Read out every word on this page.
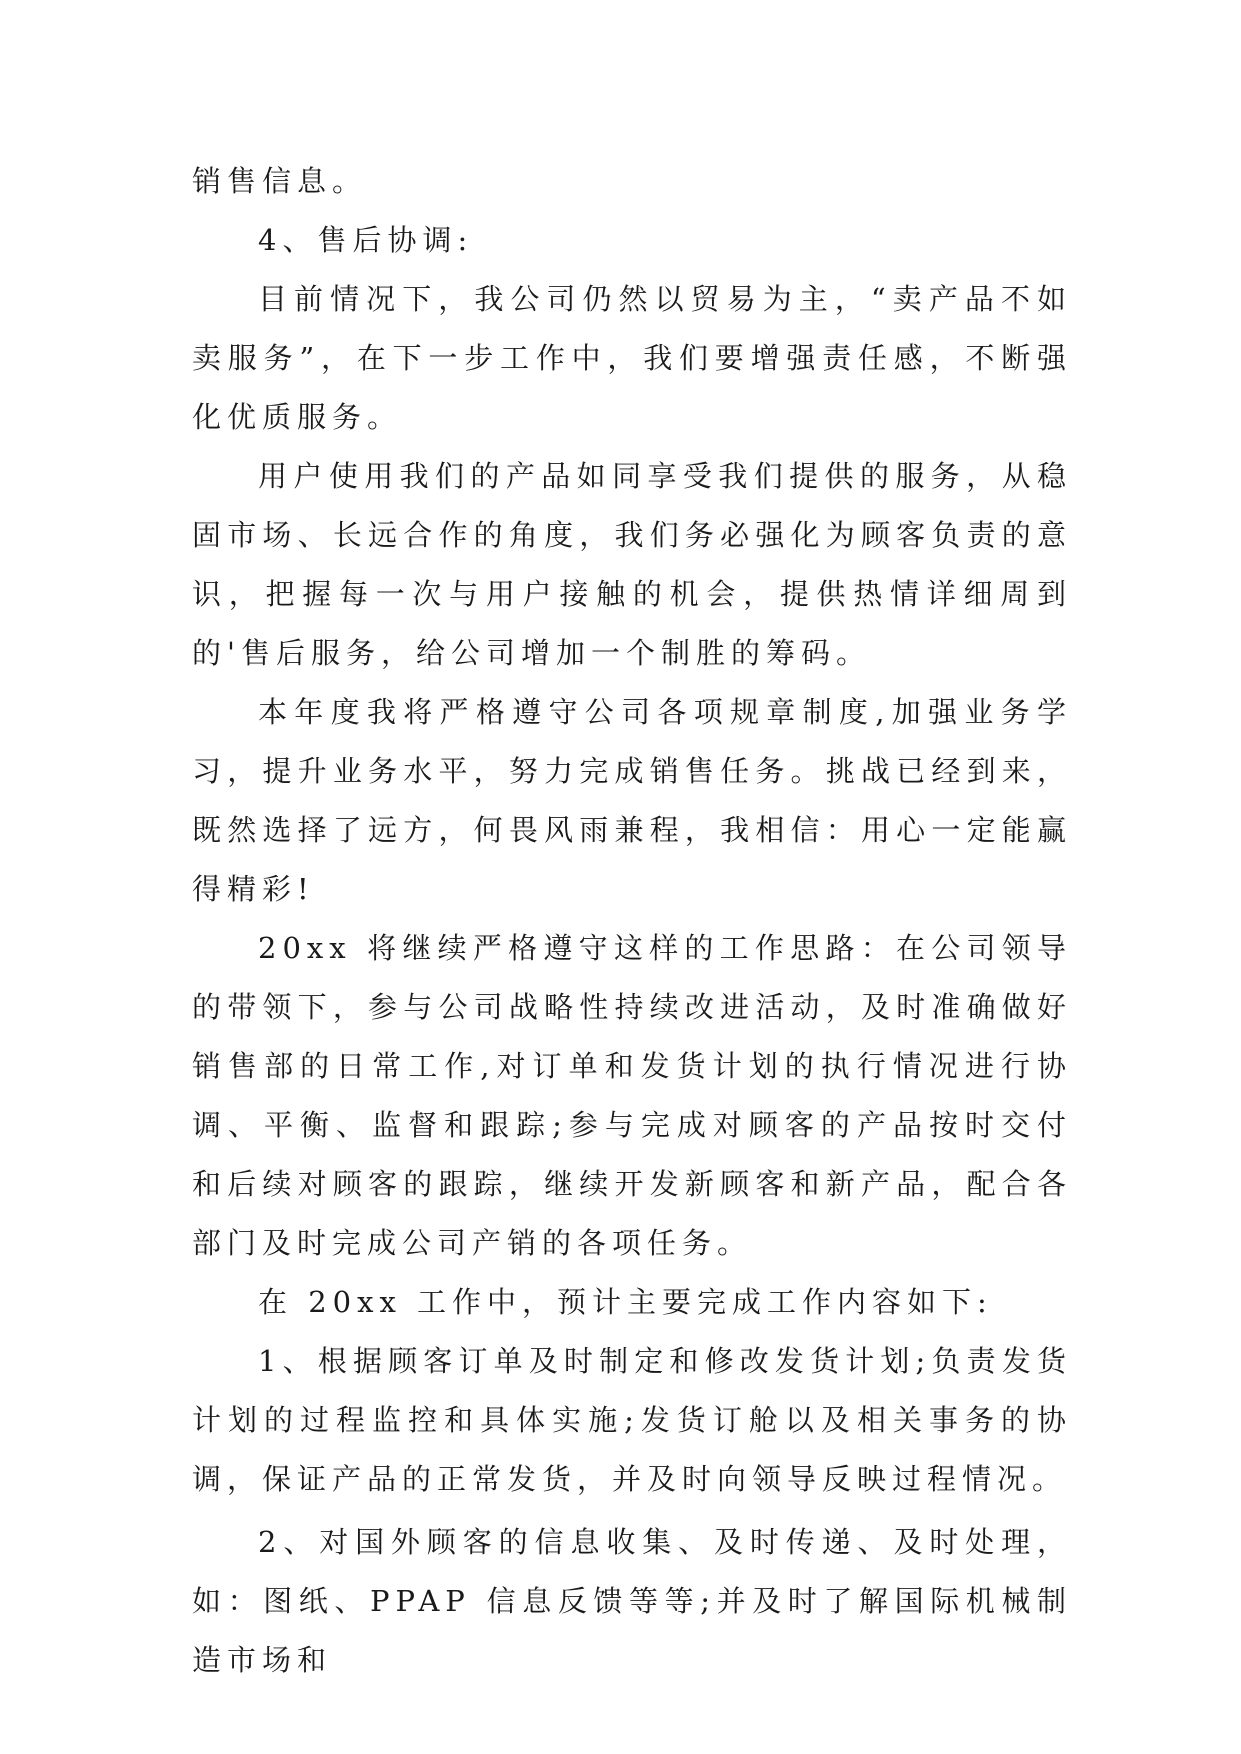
销售信息。

4、售后协调:

目前情况下，我公司仍然以贸易为主，“卖产品不如卖服务”，在下一步工作中，我们要增强责任感，不断强化优质服务。

用户使用我们的产品如同享受我们提供的服务，从稳固市场、长远合作的角度，我们务必强化为顾客负责的意识，把握每一次与用户接触的机会，提供热情详细周到的'售后服务，给公司增加一个制胜的筹码。

本年度我将严格遵守公司各项规章制度,加强业务学习，提升业务水平，努力完成销售任务。挑战已经到来，既然选择了远方，何畏风雨兼程，我相信：用心一定能赢得精彩!

20xx 将继续严格遵守这样的工作思路：在公司领导的带领下，参与公司战略性持续改进活动，及时准确做好销售部的日常工作,对订单和发货计划的执行情况进行协调、平衡、监督和跟踪;参与完成对顾客的产品按时交付和后续对顾客的跟踪，继续开发新顾客和新产品，配合各部门及时完成公司产销的各项任务。

在 20xx 工作中，预计主要完成工作内容如下:

1、根据顾客订单及时制定和修改发货计划;负责发货计划的过程监控和具体实施;发货订舱以及相关事务的协调，保证产品的正常发货，并及时向领导反映过程情况。

2、对国外顾客的信息收集、及时传递、及时处理，如：图纸、PPAP 信息反馈等等;并及时了解国际机械制造市场和
